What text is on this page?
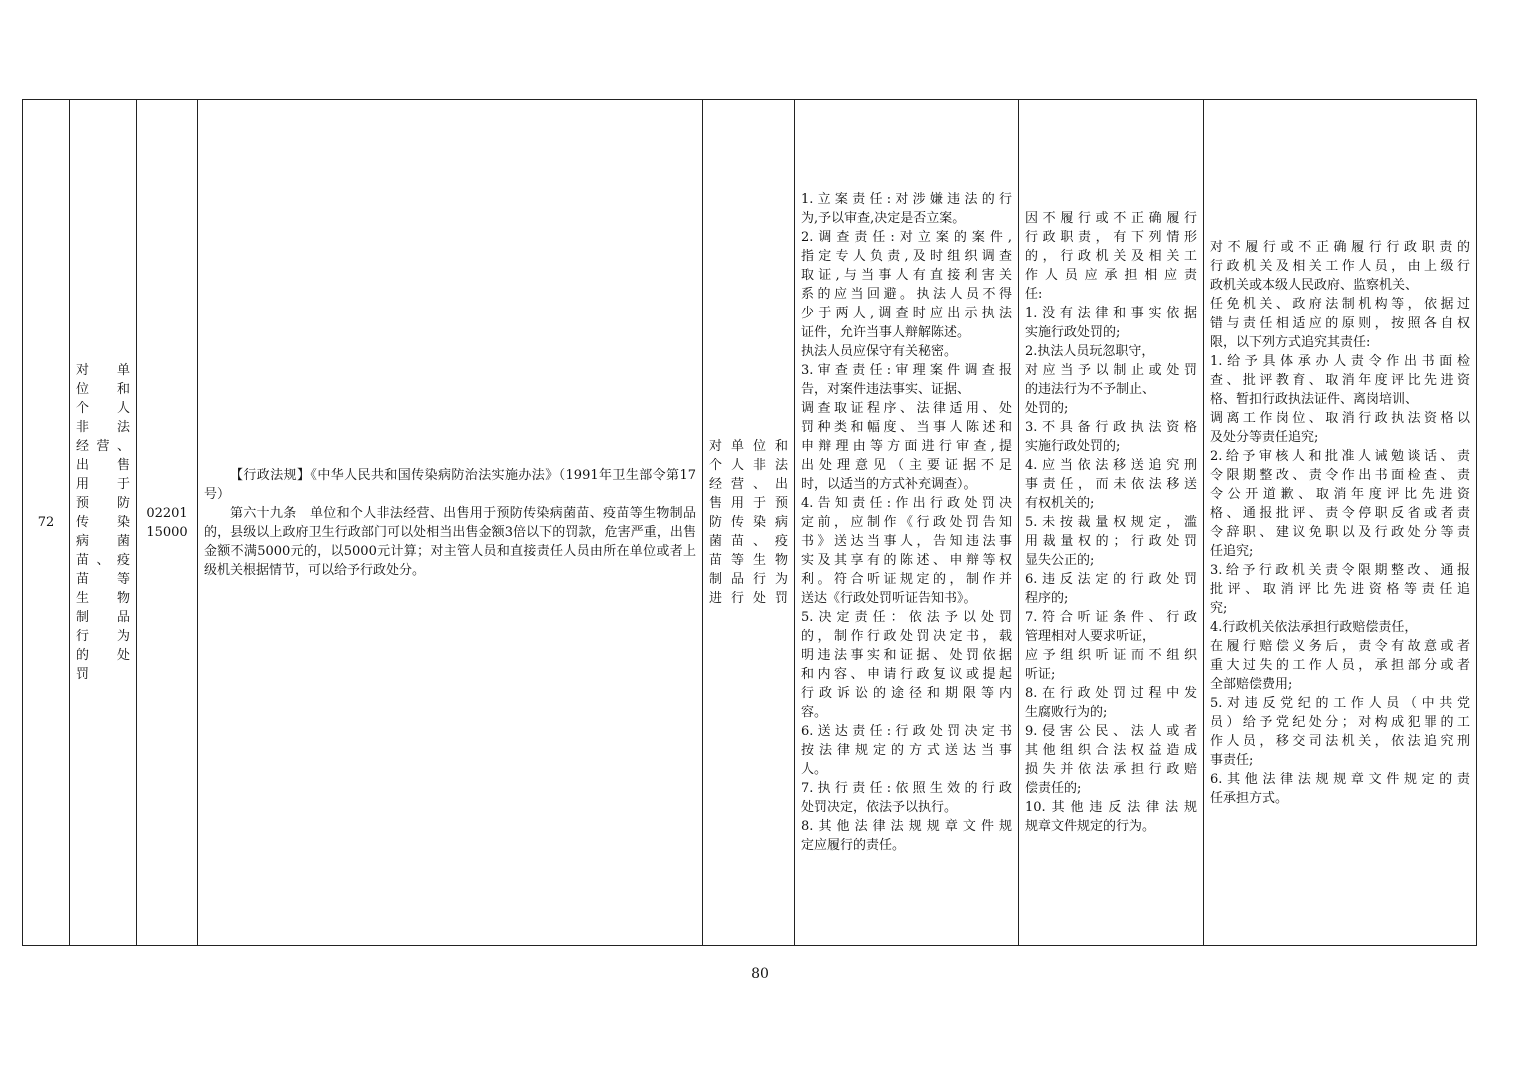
72	
对　单
位　和
个　人
非　法
经营、
出　售
用　于
预　防
传　染
病　菌
苗、疫
苗　等
生　物
制　品
行　为
的　处
罚

02201
15000

【行政法规】《中华人民共和国传染病防治法实施办法》（1991年卫生部令第17号）

第六十九条　单位和个人非法经营、出售用于预防传染病菌苗、疫苗等生物制品的，县级以上政府卫生行政部门可以处相当出售金额3倍以下的罚款，危害严重，出售金额不满5000元的，以5000元计算；对主管人员和直接责任人员由所在单位或者上级机关根据情节，可以给予行政处分。

对单位和
个人非法
经营、出
售用于预
防传染病
菌苗、疫
苗等生物
制品行为
进行处罚

1.立案责任:对涉嫌违法的行
为,予以审查,决定是否立案。
2.调查责任:对立案的案件,
指定专人负责,及时组织调查
取证,与当事人有直接利害关
系的应当回避。执法人员不得
少于两人,调查时应出示执法
证件，允许当事人辩解陈述。
执法人员应保守有关秘密。
3.审查责任:审理案件调查报
告，对案件违法事实、证据、
调查取证程序、法律适用、处
罚种类和幅度、当事人陈述和
申辩理由等方面进行审查,提
出处理意见（主要证据不足
时，以适当的方式补充调查）。
4.告知责任:作出行政处罚决
定前，应制作《行政处罚告知
书》送达当事人，告知违法事
实及其享有的陈述、申辩等权
利。符合听证规定的，制作并
送达《行政处罚听证告知书》。
5.决定责任：依法予以处罚
的，制作行政处罚决定书，载
明违法事实和证据、处罚依据
和内容、申请行政复议或提起
行政诉讼的途径和期限等内
容。
6.送达责任:行政处罚决定书
按法律规定的方式送达当事
人。
7.执行责任:依照生效的行政
处罚决定，依法予以执行。
8.其他法律法规规章文件规
定应履行的责任。

因不履行或不正确履行
行政职责，有下列情形
的，行政机关及相关工
作人员应承担相应责
任:
1.没有法律和事实依据
实施行政处罚的;
2.执法人员玩忽职守，
对应当予以制止或处罚
的违法行为不予制止、
处罚的;
3.不具备行政执法资格
实施行政处罚的;
4.应当依法移送追究刑
事责任，而未依法移送
有权机关的;
5.未按裁量权规定，滥
用裁量权的；行政处罚
显失公正的;
6.违反法定的行政处罚
程序的;
7.符合听证条件、行政
管理相对人要求听证，
应予组织听证而不组织
听证;
8.在行政处罚过程中发
生腐败行为的;
9.侵害公民、法人或者
其他组织合法权益造成
损失并依法承担行政赔
偿责任的;
10.其他违反法律法规
规章文件规定的行为。

对不履行或不正确履行行政职责的
行政机关及相关工作人员，由上级行
政机关或本级人民政府、监察机关、
任免机关、政府法制机构等，依据过
错与责任相适应的原则，按照各自权
限，以下列方式追究其责任:
1.给予具体承办人责令作出书面检
查、批评教育、取消年度评比先进资
格、暂扣行政执法证件、离岗培训、
调离工作岗位、取消行政执法资格以
及处分等责任追究;
2.给予审核人和批准人诫勉谈话、责
令限期整改、责令作出书面检查、责
令公开道歉、取消年度评比先进资
格、通报批评、责令停职反省或者责
令辞职、建议免职以及行政处分等责
任追究;
3.给予行政机关责令限期整改、通报
批评、取消评比先进资格等责任追
究;
4.行政机关依法承担行政赔偿责任，
在履行赔偿义务后，责令有故意或者
重大过失的工作人员，承担部分或者
全部赔偿费用;
5.对违反党纪的工作人员（中共党
员）给予党纪处分；对构成犯罪的工
作人员，移交司法机关，依法追究刑
事责任;
6.其他法律法规规章文件规定的责
任承担方式。
80
